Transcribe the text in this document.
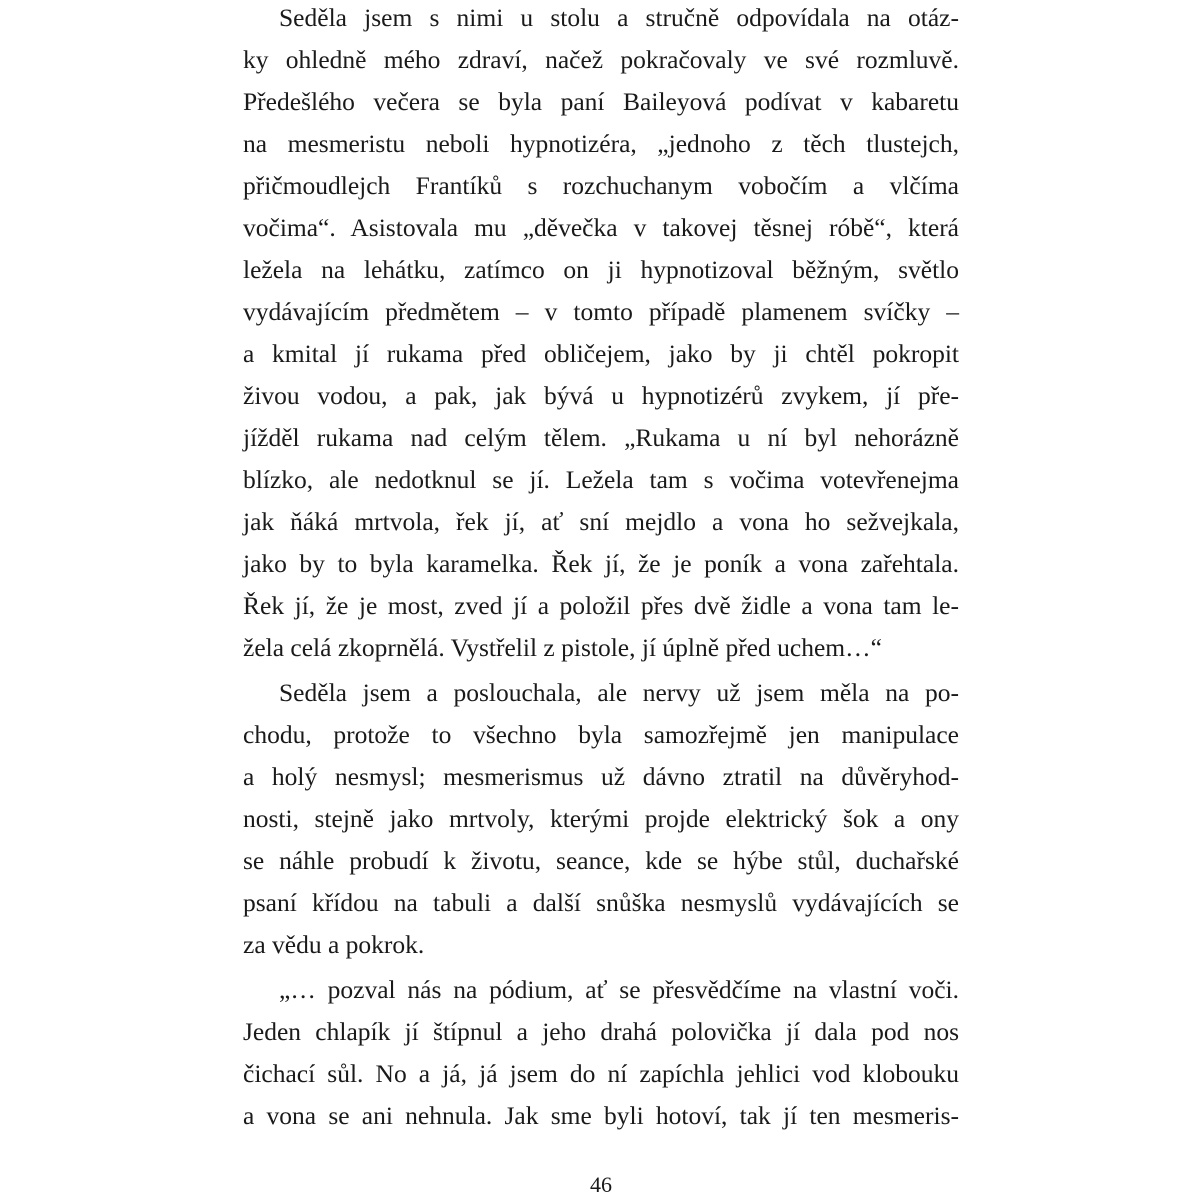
Seděla jsem s nimi u stolu a stručně odpovídala na otáz-
ky ohledně mého zdraví, načež pokračovaly ve své rozmluvě.
Předešlého večera se byla paní Baileyová podívat v kabaretu
na mesmeristu neboli hypnotizéra, „jednoho z těch tlustejch,
přičmoudlejch Frantíků s rozchuchanym vobočím a vlčíma
vočima“. Asistovala mu „děvečka v takovej těsnej róbě“, která
ležela na lehátku, zatímco on ji hypnotizoval běžným, světlo
vydávajícím předmětem – v tomto případě plamenem svíčky –
a kmital jí rukama před obličejem, jako by ji chtěl pokropit
živou vodou, a pak, jak bývá u hypnotizérů zvykem, jí pře-
jížděl rukama nad celým tělem. „Rukama u ní byl nehorázně
blízko, ale nedotknul se jí. Ležela tam s vočima votevřenejma
jak ňáká mrtvola, řek jí, ať sní mejdlo a vona ho sežvejkala,
jako by to byla karamelka. Řek jí, že je poník a vona zařehtala.
Řek jí, že je most, zved jí a položil přes dvě židle a vona tam le-
žela celá zkoprnělá. Vystřelil z pistole, jí úplně před uchem…“
Seděla jsem a poslouchala, ale nervy už jsem měla na po-
chodu, protože to všechno byla samozřejmě jen manipulace
a holý nesmysl; mesmerismus už dávno ztratil na důvěryhod-
nosti, stejně jako mrtvoly, kterými projde elektrický šok a ony
se náhle probudí k životu, seance, kde se hýbe stůl, duchařské
psaní křídou na tabuli a další snůška nesmyslů vydávajících se
za vědu a pokrok.
„… pozval nás na pódium, ať se přesvědčíme na vlastní voči.
Jeden chlapík jí štípnul a jeho drahá polovička jí dala pod nos
čichací sůl. No a já, já jsem do ní zapíchla jehlici vod klobouku
a vona se ani nehnula. Jak sme byli hotoví, tak jí ten mesmeris-
46
